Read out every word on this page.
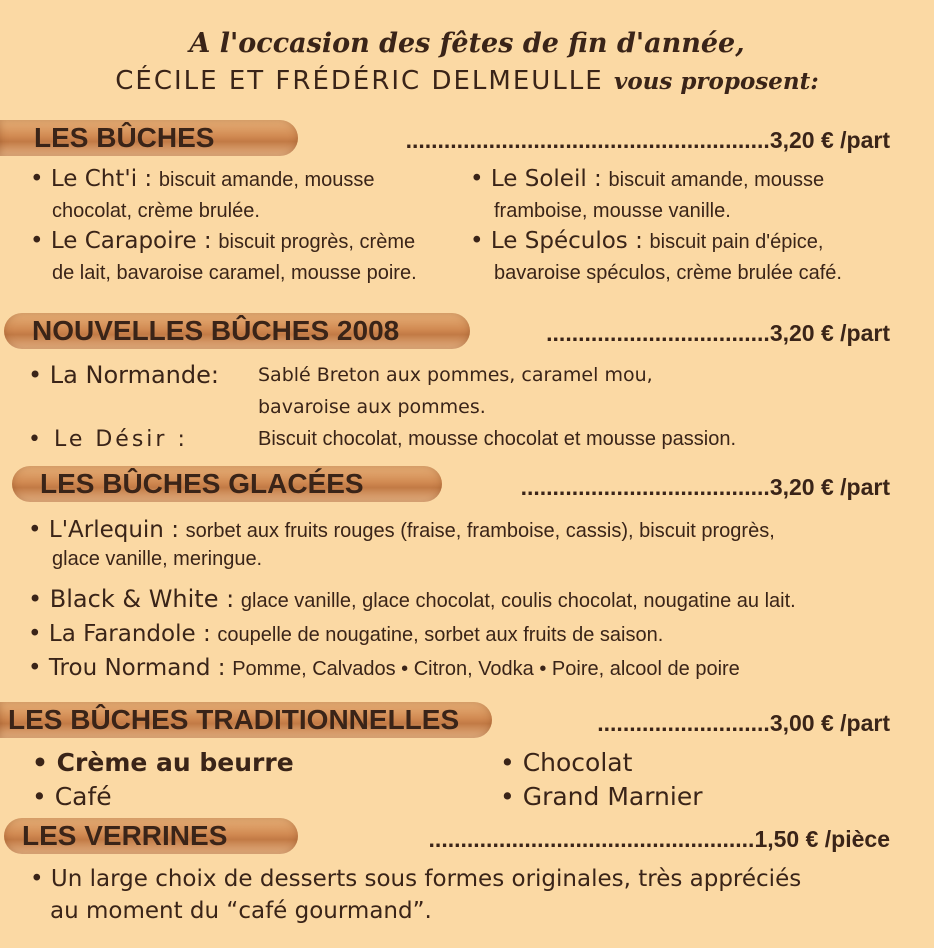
A l'occasion des fêtes de fin d'année,
CÉCILE ET FRÉDÉRIC DELMEULLE vous proposent:
LES BÛCHES	.........................................................3,20 € /part
• Le Cht'i : biscuit amande, mousse
chocolat, crème brulée.
• Le Soleil : biscuit amande, mousse
framboise, mousse vanille.
• Le Carapoire : biscuit progrès, crème
de lait, bavaroise caramel, mousse poire.
• Le Spéculos : biscuit pain d'épice,
bavaroise spéculos, crème brulée café.
NOUVELLES BÛCHES 2008	...................................3,20 € /part
• La Normande: Sablé Breton aux pommes, caramel mou,
bavaroise aux pommes.
• Le Désir :	Biscuit chocolat, mousse chocolat et mousse passion.
LES BÛCHES GLACÉES	.......................................3,20 € /part
• L'Arlequin : sorbet aux fruits rouges (fraise, framboise, cassis), biscuit progrès,
glace vanille, meringue.
• Black & White : glace vanille, glace chocolat, coulis chocolat, nougatine au lait.
• La Farandole : coupelle de nougatine, sorbet aux fruits de saison.
• Trou Normand : Pomme, Calvados • Citron, Vodka • Poire, alcool de poire
LES BÛCHES TRADITIONNELLES	...........................3,00 € /part
• Crème au beurre
• Café
• Chocolat
• Grand Marnier
LES VERRINES	...................................................1,50 € /pièce
• Un large choix de desserts sous formes originales, très appréciés
au moment du “café gourmand”.
